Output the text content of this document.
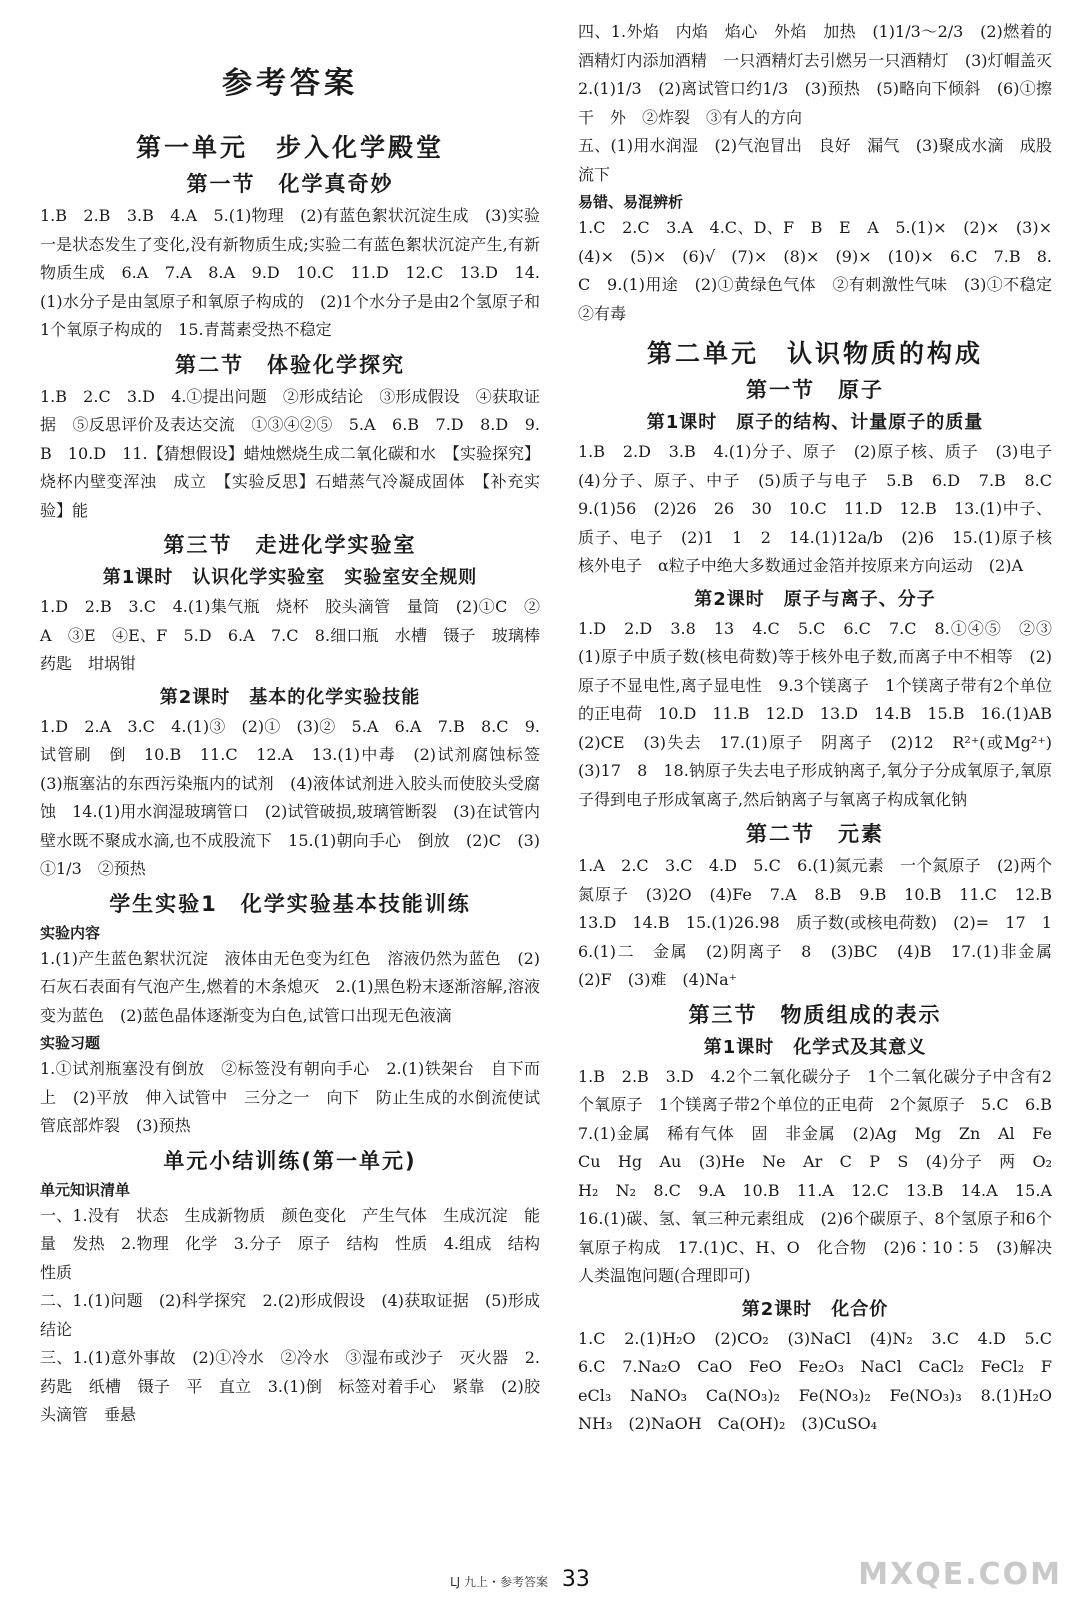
参考答案
第一单元　步入化学殿堂
第一节　化学真奇妙

1.B　2.B　3.B　4.A　5.(1)物理　(2)有蓝色絮状沉淀生成　(3)实验一是状态发生了变化,没有新物质生成;实验二有蓝色絮状沉淀产生,有新物质生成　6.A　7.A　8.A　9.D　10.C　11.D　12.C　13.D　14.(1)水分子是由氢原子和氧原子构成的　(2)1个水分子是由2个氢原子和1个氧原子构成的　15.青蒿素受热不稳定

第二节　体验化学探究

1.B　2.C　3.D　4.①提出问题　②形成结论　③形成假设　④获取证据　⑤反思评价及表达交流　①③④②⑤　5.A　6.B　7.D　8.D　9.B　10.D　11.【猜想假设】蜡烛燃烧生成二氧化碳和水　【实验探究】烧杯内壁变浑浊　成立　【实验反思】石蜡蒸气冷凝成固体　【补充实验】能

第三节　走进化学实验室
第1课时　认识化学实验室　实验室安全规则

1.D　2.B　3.C　4.(1)集气瓶　烧杯　胶头滴管　量筒　(2)①C　②A　③E　④E、F　5.D　6.A　7.C　8.细口瓶　水槽　镊子　玻璃棒　药匙　坩埚钳

第2课时　基本的化学实验技能

1.D　2.A　3.C　4.(1)③　(2)①　(3)②　5.A　6.A　7.B　8.C　9.试管刷　倒　10.B　11.C　12.A　13.(1)中毒　(2)试剂腐蚀标签　(3)瓶塞沾的东西污染瓶内的试剂　(4)液体试剂进入胶头而使胶头受腐蚀　14.(1)用水润湿玻璃管口　(2)试管破损,玻璃管断裂　(3)在试管内壁水既不聚成水滴,也不成股流下　15.(1)朝向手心　倒放　(2)C　(3)①1/3　②预热

学生实验1　化学实验基本技能训练
实验内容

1.(1)产生蓝色絮状沉淀　液体由无色变为红色　溶液仍然为蓝色　(2)石灰石表面有气泡产生,燃着的木条熄灭　2.(1)黑色粉末逐渐溶解,溶液变为蓝色　(2)蓝色晶体逐渐变为白色,试管口出现无色液滴

实验习题

1.①试剂瓶塞没有倒放　②标签没有朝向手心　2.(1)铁架台　自下而上　(2)平放　伸入试管中　三分之一　向下　防止生成的水倒流使试管底部炸裂　(3)预热

单元小结训练(第一单元)
单元知识清单

一、1.没有　状态　生成新物质　颜色变化　产生气体　生成沉淀　能量　发热　2.物理　化学　3.分子　原子　结构　性质　4.组成　结构　性质

二、1.(1)问题　(2)科学探究　2.(2)形成假设　(4)获取证据　(5)形成结论

三、1.(1)意外事故　(2)①冷水　②冷水　③湿布或沙子　灭火器　2.药匙　纸槽　镊子　平　直立　3.(1)倒　标签对着手心　紧靠　(2)胶头滴管　垂悬

四、1.外焰　内焰　焰心　外焰　加热　(1)1/3～2/3　(2)燃着的酒精灯内添加酒精　一只酒精灯去引燃另一只酒精灯　(3)灯帽盖灭　2.(1)1/3　(2)离试管口约1/3　(3)预热　(5)略向下倾斜　(6)①擦干　外　②炸裂　③有人的方向

五、(1)用水润湿　(2)气泡冒出　良好　漏气　(3)聚成水滴　成股流下

易错、易混辨析

1.C　2.C　3.A　4.C、D、F　B　E　A　5.(1)×　(2)×　(3)×　(4)×　(5)×　(6)√　(7)×　(8)×　(9)×　(10)×　6.C　7.B　8.C　9.(1)用途　(2)①黄绿色气体　②有刺激性气味　(3)①不稳定　②有毒

第二单元　认识物质的构成
第一节　原子
第1课时　原子的结构、计量原子的质量

1.B　2.D　3.B　4.(1)分子、原子　(2)原子核、质子　(3)电子　(4)分子、原子、中子　(5)质子与电子　5.B　6.D　7.B　8.C　9.(1)56　(2)26　26　30　10.C　11.D　12.B　13.(1)中子、质子、电子　(2)1　1　2　14.(1)12a/b　(2)6　15.(1)原子核　核外电子　α粒子中绝大多数通过金箔并按原来方向运动　(2)A

第2课时　原子与离子、分子

1.D　2.D　3.8　13　4.C　5.C　6.C　7.C　8.①④⑤　②③　(1)原子中质子数(核电荷数)等于核外电子数,而离子中不相等　(2)原子不显电性,离子显电性　9.3个镁离子　1个镁离子带有2个单位的正电荷　10.D　11.B　12.D　13.D　14.B　15.B　16.(1)AB　(2)CE　(3)失去　17.(1)原子　阴离子　(2)12　R²⁺(或Mg²⁺)　(3)17　8　18.钠原子失去电子形成钠离子,氧分子分成氧原子,氧原子得到电子形成氧离子,然后钠离子与氧离子构成氧化钠

第二节　元素

1.A　2.C　3.C　4.D　5.C　6.(1)氮元素　一个氮原子　(2)两个氮原子　(3)2O　(4)Fe　7.A　8.B　9.B　10.B　11.C　12.B　13.D　14.B　15.(1)26.98　质子数(或核电荷数)　(2)=　17　16.(1)二　金属　(2)阴离子　8　(3)BC　(4)B　17.(1)非金属　(2)F　(3)难　(4)Na⁺

第三节　物质组成的表示
第1课时　化学式及其意义

1.B　2.B　3.D　4.2个二氧化碳分子　1个二氧化碳分子中含有2个氧原子　1个镁离子带2个单位的正电荷　2个氮原子　5.C　6.B　7.(1)金属　稀有气体　固　非金属　(2)Ag　Mg　Zn　Al　Fe　Cu　Hg　Au　(3)He　Ne　Ar　C　P　S　(4)分子　两　O₂　H₂　N₂　8.C　9.A　10.B　11.A　12.C　13.B　14.A　15.A　16.(1)碳、氢、氧三种元素组成　(2)6个碳原子、8个氢原子和6个氧原子构成　17.(1)C、H、O　化合物　(2)6∶10∶5　(3)解决人类温饱问题(合理即可)

第2课时　化合价

1.C　2.(1)H₂O　(2)CO₂　(3)NaCl　(4)N₂　3.C　4.D　5.C　6.C　7.Na₂O　CaO　FeO　Fe₂O₃　NaCl　CaCl₂　FeCl₂　FeCl₃　NaNO₃　Ca(NO₃)₂　Fe(NO₃)₂　Fe(NO₃)₃　8.(1)H₂O　NH₃　(2)NaOH　Ca(OH)₂　(3)CuSO₄

LJ 九上・参考答案 33	MXQE.COM
